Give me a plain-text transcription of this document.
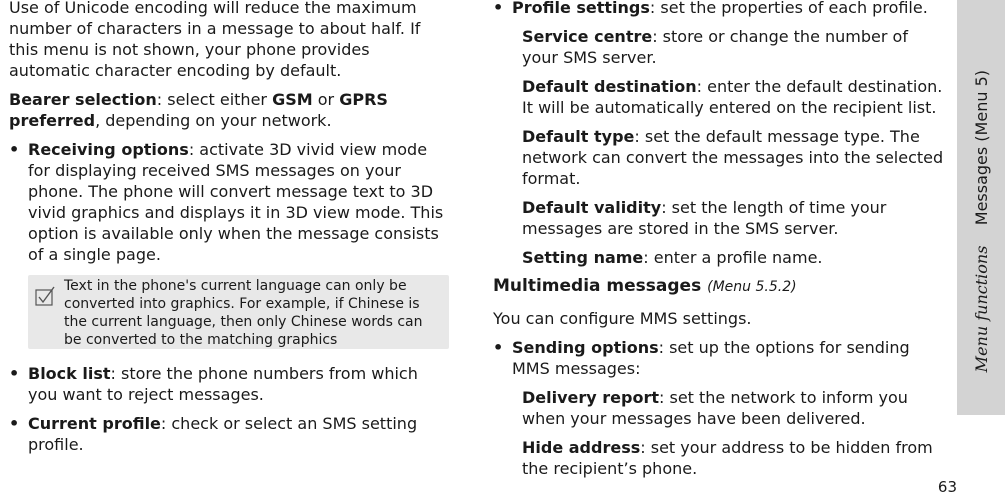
Use of Unicode encoding will reduce the maximum number of characters in a message to about half. If this menu is not shown, your phone provides automatic character encoding by default.

Bearer selection: select either GSM or GPRS preferred, depending on your network.

• Receiving options: activate 3D vivid view mode for displaying received SMS messages on your phone. The phone will convert message text to 3D vivid graphics and displays it in 3D view mode. This option is available only when the message consists of a single page.
Text in the phone's current language can only be converted into graphics. For example, if Chinese is the current language, then only Chinese words can be converted to the matching graphics
• Block list: store the phone numbers from which you want to reject messages.
• Current profile: check or select an SMS setting profile.
• Profile settings: set the properties of each profile.

Service centre: store or change the number of your SMS server.

Default destination: enter the default destination. It will be automatically entered on the recipient list.

Default type: set the default message type. The network can convert the messages into the selected format.

Default validity: set the length of time your messages are stored in the SMS server.

Setting name: enter a profile name.

Multimedia messages (Menu 5.5.2)

You can configure MMS settings.

• Sending options: set up the options for sending MMS messages:

Delivery report: set the network to inform you when your messages have been delivered.

Hide address: set your address to be hidden from the recipient’s phone.

Menu functions    Messages (Menu 5)
63
